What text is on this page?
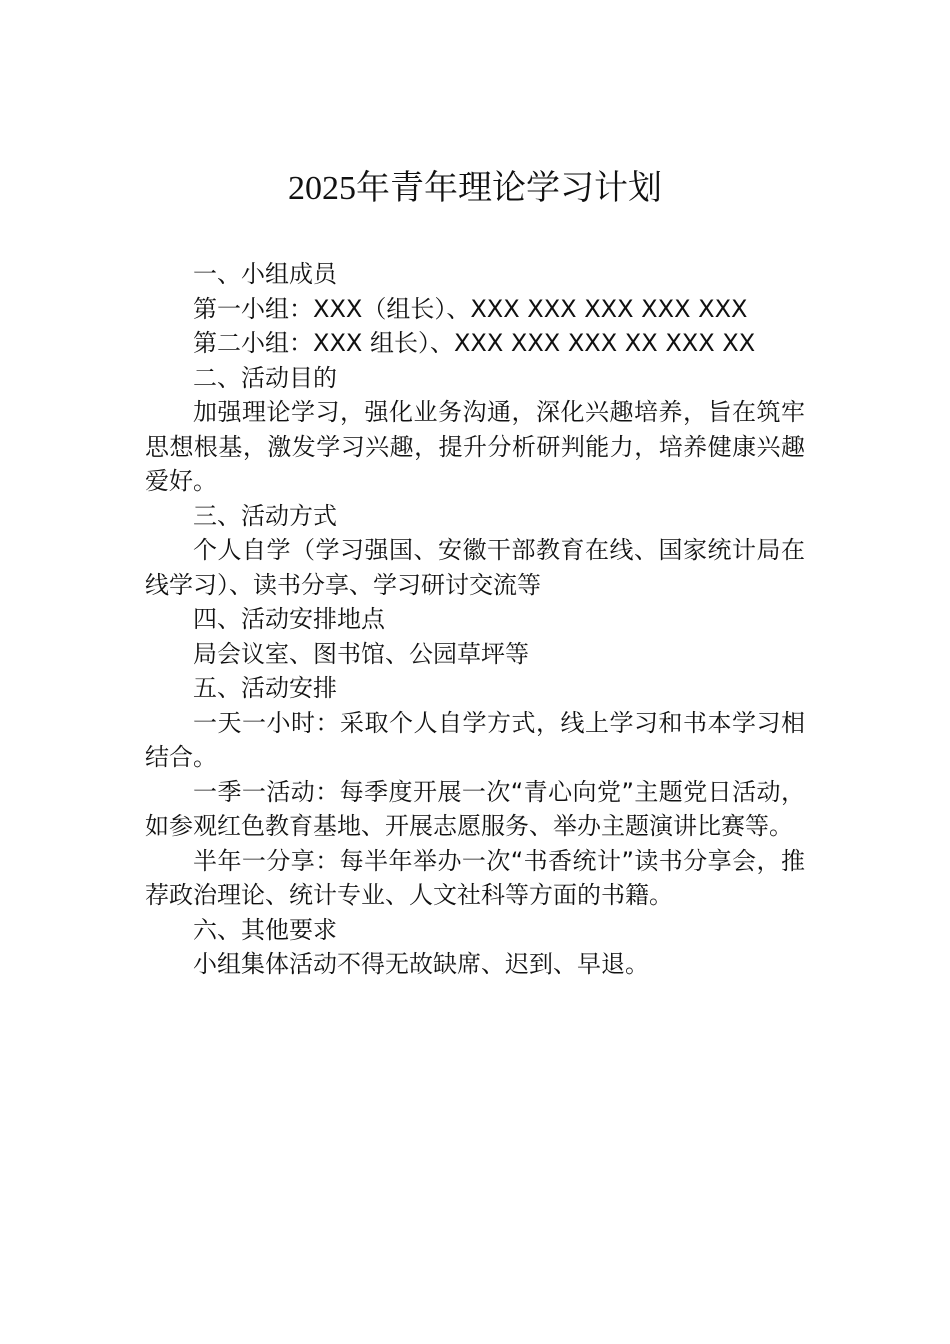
2025年青年理论学习计划

一、小组成员

第一小组：XXX（组长）、XXX XXX XXX XXX XXX

第二小组：XXX 组长）、XXX XXX XXX XX XXX XX

二、活动目的

加强理论学习，强化业务沟通，深化兴趣培养，旨在筑牢思想根基，激发学习兴趣，提升分析研判能力，培养健康兴趣爱好。

三、活动方式

个人自学（学习强国、安徽干部教育在线、国家统计局在线学习）、读书分享、学习研讨交流等

四、活动安排地点

局会议室、图书馆、公园草坪等

五、活动安排

一天一小时：采取个人自学方式，线上学习和书本学习相结合。

一季一活动：每季度开展一次“青心向党”主题党日活动，如参观红色教育基地、开展志愿服务、举办主题演讲比赛等。

半年一分享：每半年举办一次“书香统计”读书分享会，推荐政治理论、统计专业、人文社科等方面的书籍。

六、其他要求

小组集体活动不得无故缺席、迟到、早退。
